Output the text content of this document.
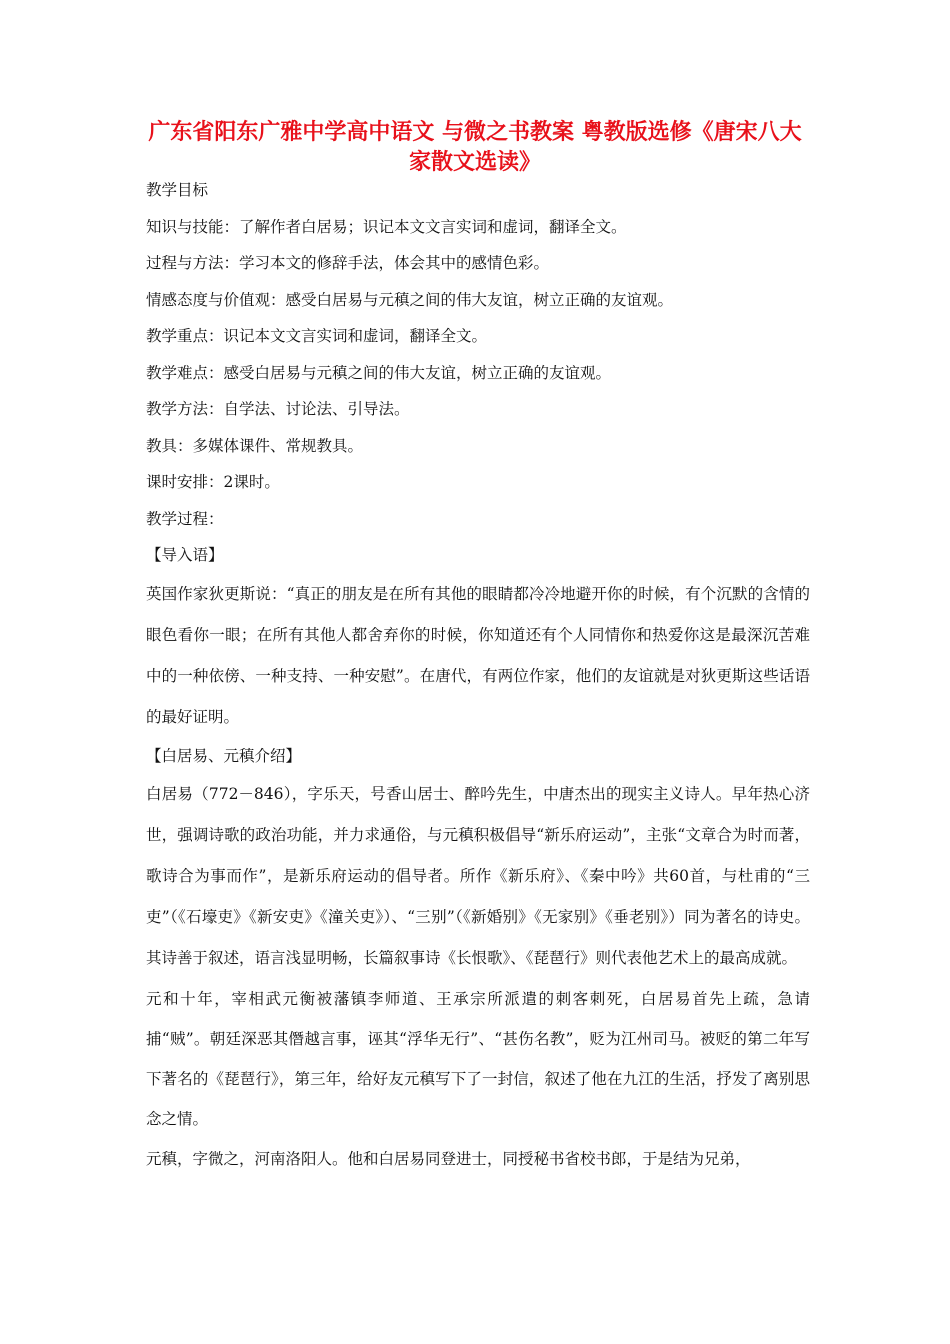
广东省阳东广雅中学高中语文 与微之书教案 粤教版选修《唐宋八大家散文选读》

教学目标

知识与技能：了解作者白居易；识记本文文言实词和虚词，翻译全文。

过程与方法：学习本文的修辞手法，体会其中的感情色彩。

情感态度与价值观：感受白居易与元稹之间的伟大友谊，树立正确的友谊观。

教学重点：识记本文文言实词和虚词，翻译全文。

教学难点：感受白居易与元稹之间的伟大友谊，树立正确的友谊观。

教学方法：自学法、讨论法、引导法。

教具：多媒体课件、常规教具。

课时安排：2课时。

教学过程：

【导入语】

英国作家狄更斯说：“真正的朋友是在所有其他的眼睛都冷冷地避开你的时候，有个沉默的含情的眼色看你一眼；在所有其他人都舍弃你的时候，你知道还有个人同情你和热爱你这是最深沉苦难中的一种依傍、一种支持、一种安慰”。在唐代，有两位作家，他们的友谊就是对狄更斯这些话语的最好证明。

【白居易、元稹介绍】

白居易（772－846），字乐天，号香山居士、醉吟先生，中唐杰出的现实主义诗人。早年热心济世，强调诗歌的政治功能，并力求通俗，与元稹积极倡导“新乐府运动”，主张“文章合为时而著，歌诗合为事而作”，是新乐府运动的倡导者。所作《新乐府》、《秦中吟》共60首，与杜甫的“三吏”（《石壕吏》《新安吏》《潼关吏》）、“三别”（《新婚别》《无家别》《垂老别》）同为著名的诗史。其诗善于叙述，语言浅显明畅，长篇叙事诗《长恨歌》、《琵琶行》则代表他艺术上的最高成就。

元和十年，宰相武元衡被藩镇李师道、王承宗所派遣的刺客刺死，白居易首先上疏，急请捕“贼”。朝廷深恶其僭越言事，诬其“浮华无行”、“甚伤名教”，贬为江州司马。被贬的第二年写下著名的《琵琶行》，第三年，给好友元稹写下了一封信，叙述了他在九江的生活，抒发了离别思念之情。

元稹，字微之，河南洛阳人。他和白居易同登进士，同授秘书省校书郎，于是结为兄弟，
